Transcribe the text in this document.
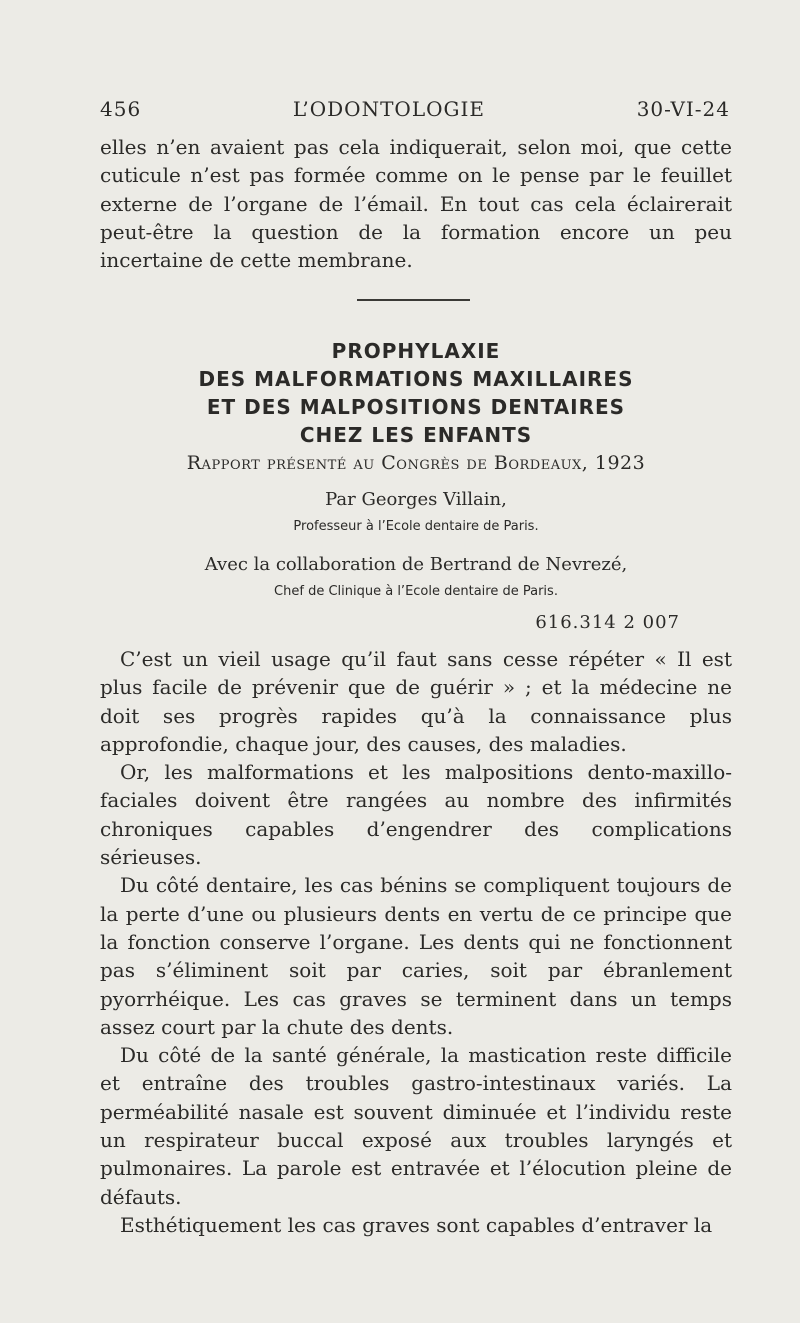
456	L’ODONTOLOGIE	30-VI-24
elles n’en avaient pas cela indiquerait, selon moi, que cette cuticule n’est pas formée comme on le pense par le feuillet externe de l’organe de l’émail. En tout cas cela éclairerait peut-être la question de la formation encore un peu incertaine de cette membrane.
PROPHYLAXIE
DES MALFORMATIONS MAXILLAIRES
ET DES MALPOSITIONS DENTAIRES
CHEZ LES ENFANTS
Rapport présenté au Congrès de Bordeaux, 1923
Par Georges Villain,
Professeur à l’Ecole dentaire de Paris.
Avec la collaboration de Bertrand de Nevrezé,
Chef de Clinique à l’Ecole dentaire de Paris.
616.314 2 007

C’est un vieil usage qu’il faut sans cesse répéter « Il est plus facile de prévenir que de guérir » ; et la médecine ne doit ses progrès rapides qu’à la connaissance plus approfondie, chaque jour, des causes, des maladies.

Or, les malformations et les malpositions dento-maxillo-faciales doivent être rangées au nombre des infirmités chroniques capables d’engendrer des complications sérieuses.

Du côté dentaire, les cas bénins se compliquent toujours de la perte d’une ou plusieurs dents en vertu de ce principe que la fonction conserve l’organe. Les dents qui ne fonctionnent pas s’éliminent soit par caries, soit par ébranlement pyorrhéique. Les cas graves se terminent dans un temps assez court par la chute des dents.

Du côté de la santé générale, la mastication reste difficile et entraîne des troubles gastro-intestinaux variés. La perméabilité nasale est souvent diminuée et l’individu reste un respirateur buccal exposé aux troubles laryngés et pulmonaires. La parole est entravée et l’élocution pleine de défauts.

Esthétiquement les cas graves sont capables d’entraver la
